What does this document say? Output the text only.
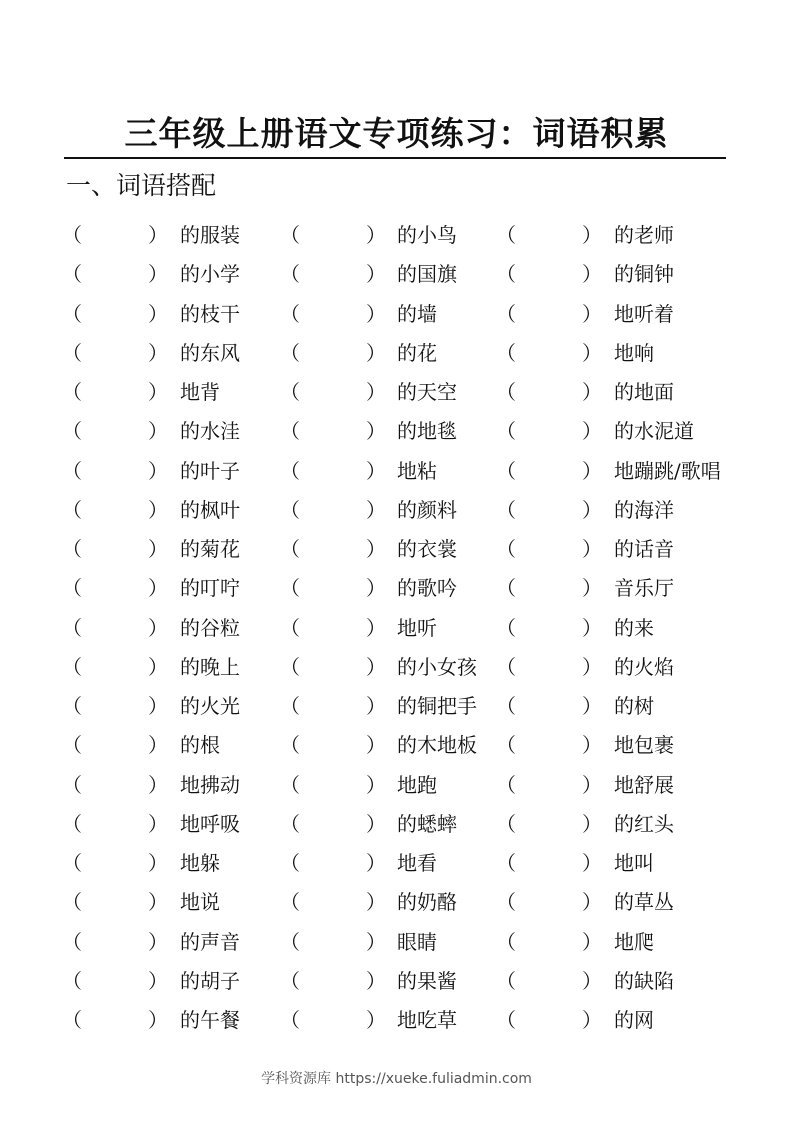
三年级上册语文专项练习：词语积累
一、词语搭配
（	） 的服装 （	） 的小鸟 （	） 的老师
（	） 的小学 （	） 的国旗 （	） 的铜钟
（	） 的枝干 （	） 的墙	（	） 地听着
（	） 的东风 （	） 的花	（	） 地响
（	） 地背	（	） 的天空 （	） 的地面
（	） 的水洼 （	） 的地毯 （	） 的水泥道
（	） 的叶子 （	） 地粘	（	） 地蹦跳/歌唱
（	） 的枫叶 （	） 的颜料 （	） 的海洋
（	） 的菊花 （	） 的衣裳 （	） 的话音
（	） 的叮咛 （	） 的歌吟 （	） 音乐厅
（	） 的谷粒 （	） 地听	（	） 的来
（	） 的晚上 （	） 的小女孩 （	） 的火焰
（	） 的火光 （	） 的铜把手 （	） 的树
（	） 的根	（	） 的木地板 （	） 地包裹
（	） 地拂动 （	） 地跑	（	） 地舒展
（	） 地呼吸 （	） 的蟋蟀 （	） 的红头
（	） 地躲	（	） 地看	（	） 地叫
（	） 地说	（	） 的奶酪 （	） 的草丛
（	） 的声音 （	） 眼睛	（	） 地爬
（	） 的胡子 （	） 的果酱 （	） 的缺陷
（	） 的午餐 （	） 地吃草 （	） 的网
学科资源库 https://xueke.fuliadmin.com
